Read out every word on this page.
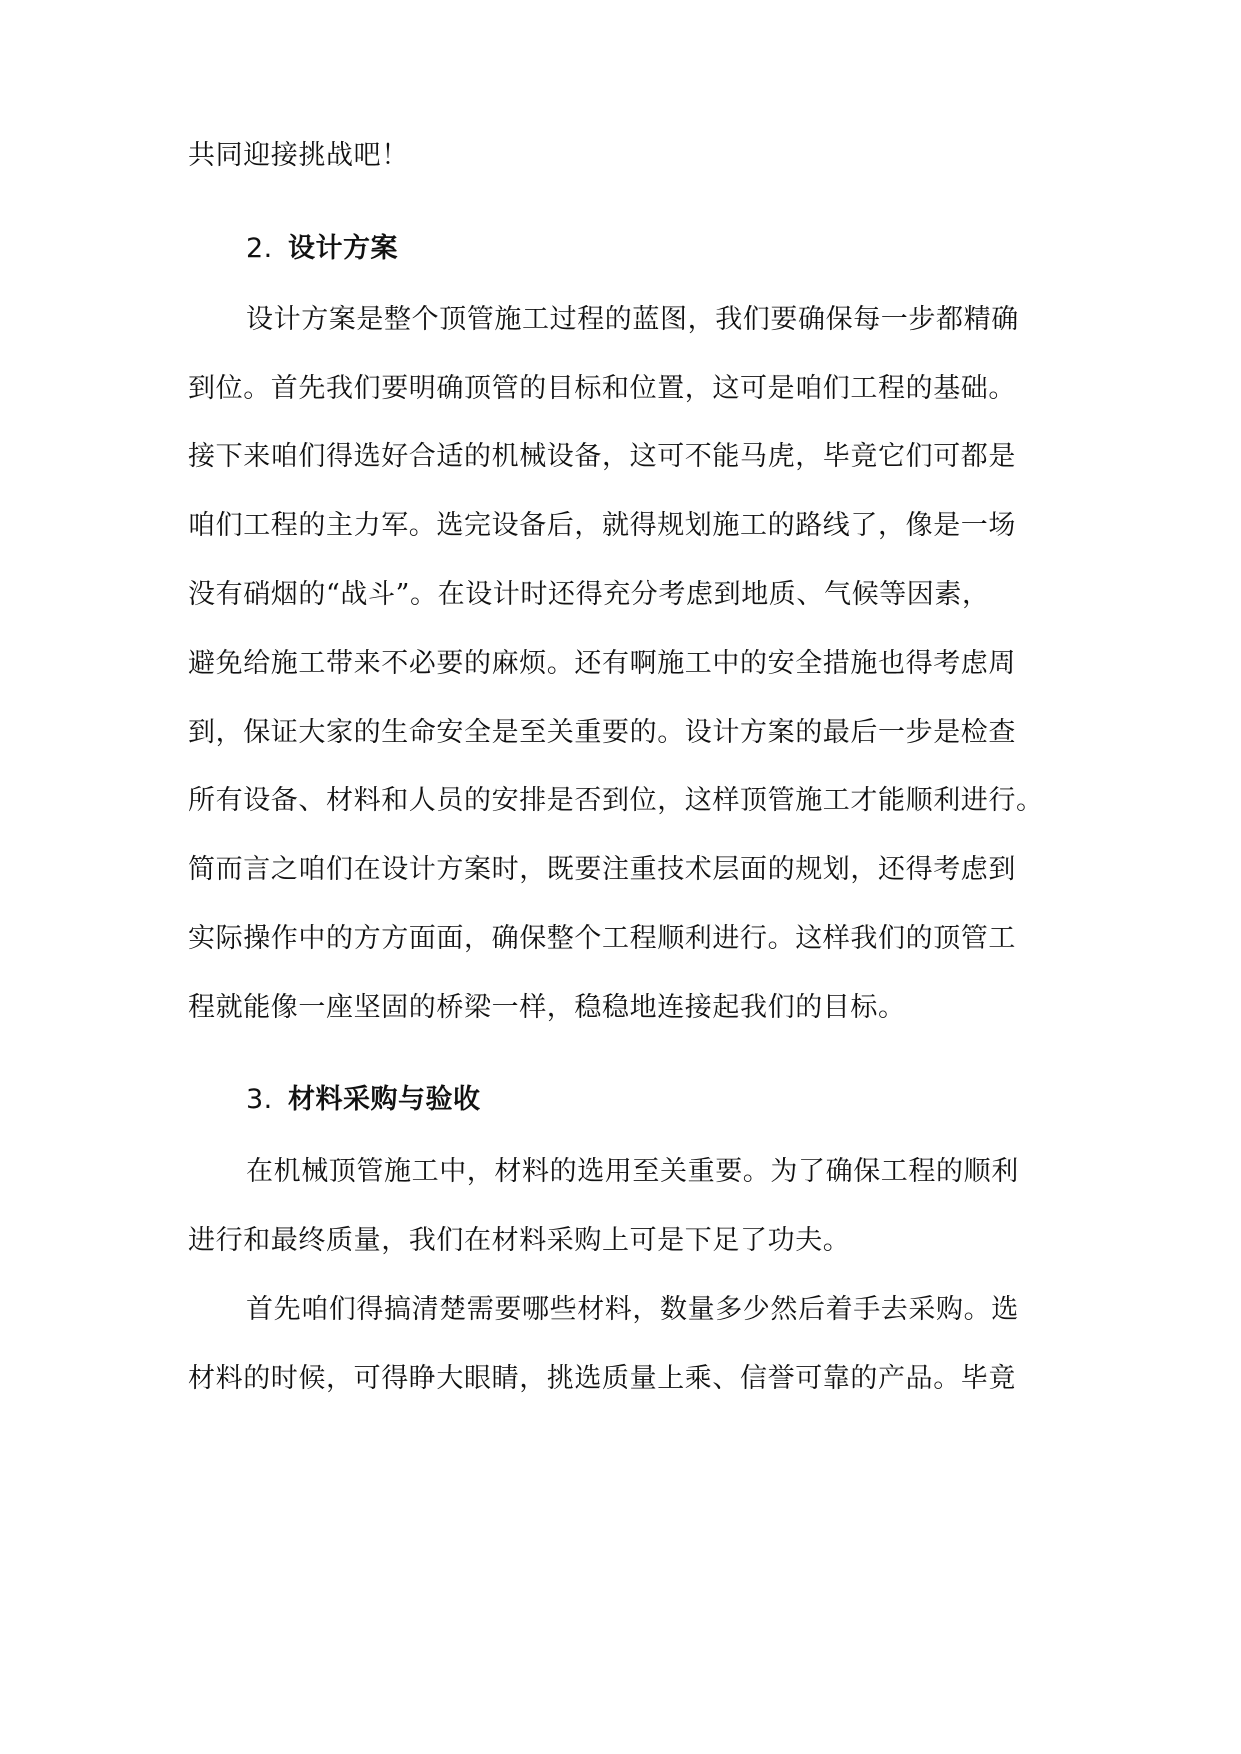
共同迎接挑战吧！
2. 设计方案
设计方案是整个顶管施工过程的蓝图，我们要确保每一步都精确
到位。首先我们要明确顶管的目标和位置，这可是咱们工程的基础。
接下来咱们得选好合适的机械设备，这可不能马虎，毕竟它们可都是
咱们工程的主力军。选完设备后，就得规划施工的路线了，像是一场
没有硝烟的“战斗”。在设计时还得充分考虑到地质、气候等因素，
避免给施工带来不必要的麻烦。还有啊施工中的安全措施也得考虑周
到，保证大家的生命安全是至关重要的。设计方案的最后一步是检查
所有设备、材料和人员的安排是否到位，这样顶管施工才能顺利进行。
简而言之咱们在设计方案时，既要注重技术层面的规划，还得考虑到
实际操作中的方方面面，确保整个工程顺利进行。这样我们的顶管工
程就能像一座坚固的桥梁一样，稳稳地连接起我们的目标。
3. 材料采购与验收
在机械顶管施工中，材料的选用至关重要。为了确保工程的顺利
进行和最终质量，我们在材料采购上可是下足了功夫。
首先咱们得搞清楚需要哪些材料，数量多少然后着手去采购。选
材料的时候，可得睁大眼睛，挑选质量上乘、信誉可靠的产品。毕竟
